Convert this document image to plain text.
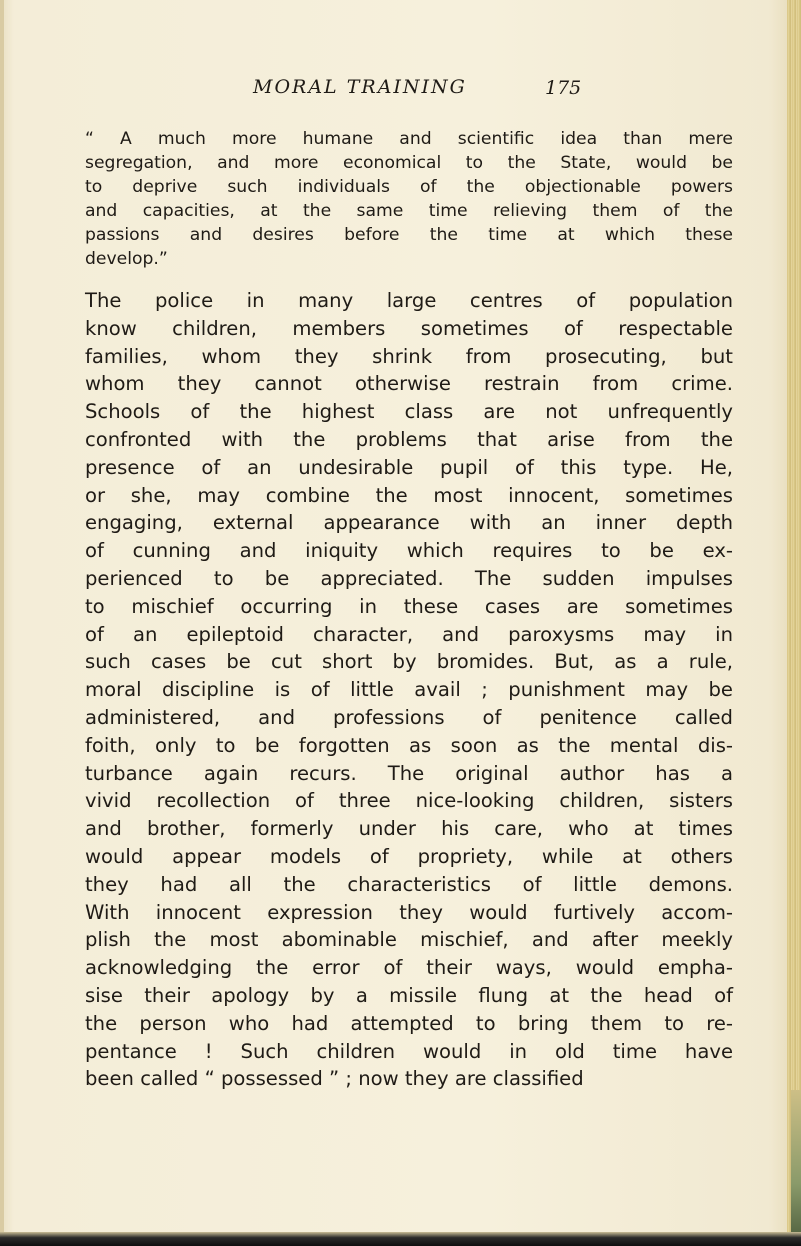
MORAL TRAINING	175
“ A much more humane and scientific idea than mere
segregation, and more economical to the State, would be
to deprive such individuals of the objectionable powers
and capacities, at the same time relieving them of the
passions and desires before the time at which these
develop.”
The police in many large centres of population
know children, members sometimes of respectable
families, whom they shrink from prosecuting, but
whom they cannot otherwise restrain from crime.
Schools of the highest class are not unfrequently
confronted with the problems that arise from the
presence of an undesirable pupil of this type. He,
or she, may combine the most innocent, sometimes
engaging, external appearance with an inner depth
of cunning and iniquity which requires to be ex-
perienced to be appreciated. The sudden impulses
to mischief occurring in these cases are sometimes
of an epileptoid character, and paroxysms may in
such cases be cut short by bromides. But, as a rule,
moral discipline is of little avail ; punishment may be
administered, and professions of penitence called
foith, only to be forgotten as soon as the mental dis-
turbance again recurs. The original author has a
vivid recollection of three nice-looking children, sisters
and brother, formerly under his care, who at times
would appear models of propriety, while at others
they had all the characteristics of little demons.
With innocent expression they would furtively accom-
plish the most abominable mischief, and after meekly
acknowledging the error of their ways, would empha-
sise their apology by a missile flung at the head of
the person who had attempted to bring them to re-
pentance ! Such children would in old time have
been called “ possessed ” ; now they are classified
